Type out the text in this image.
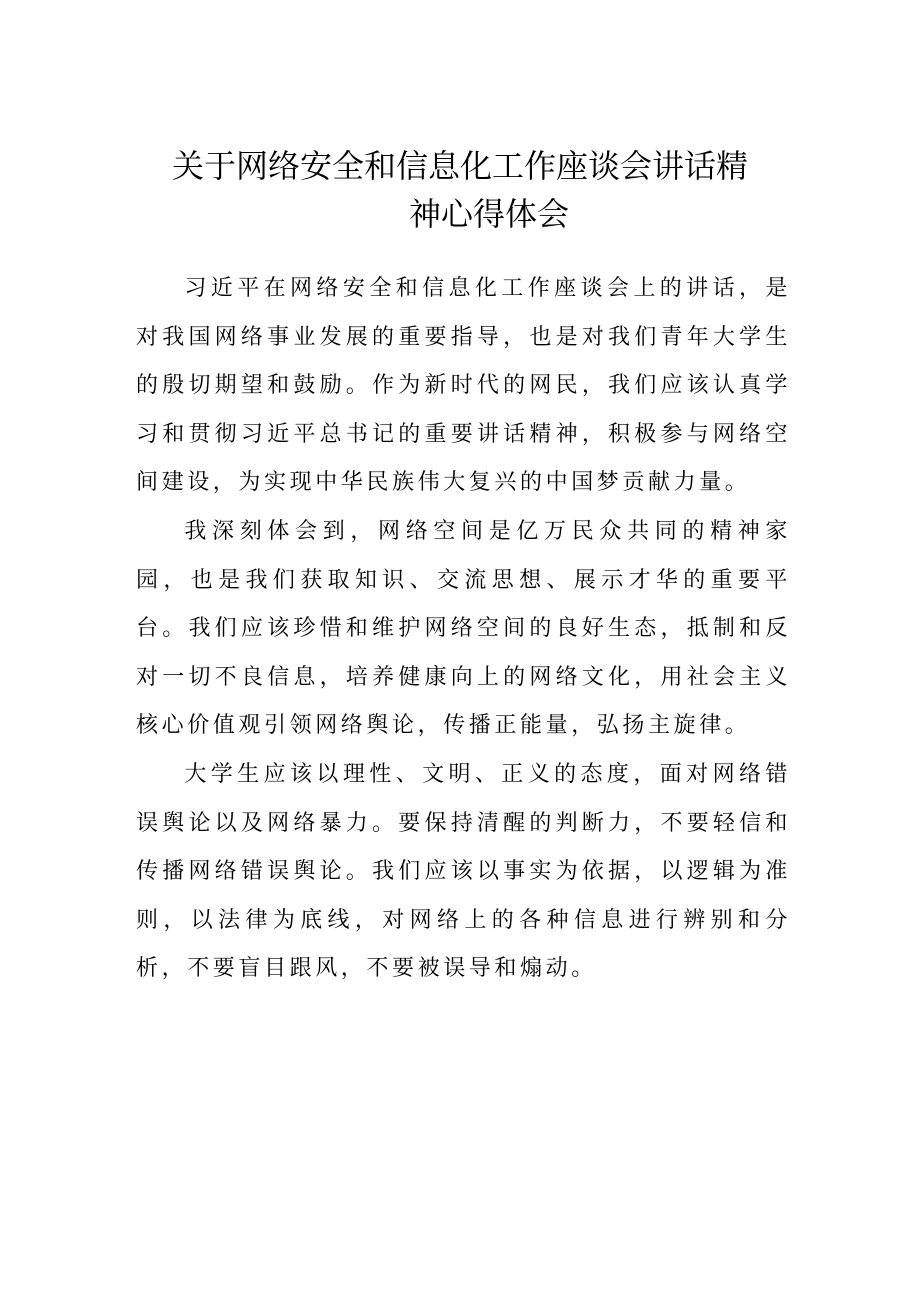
关于网络安全和信息化工作座谈会讲话精
神心得体会

习近平在网络安全和信息化工作座谈会上的讲话，是对我国网络事业发展的重要指导，也是对我们青年大学生的殷切期望和鼓励。作为新时代的网民，我们应该认真学习和贯彻习近平总书记的重要讲话精神，积极参与网络空间建设，为实现中华民族伟大复兴的中国梦贡献力量。

我深刻体会到，网络空间是亿万民众共同的精神家园，也是我们获取知识、交流思想、展示才华的重要平台。我们应该珍惜和维护网络空间的良好生态，抵制和反对一切不良信息，培养健康向上的网络文化，用社会主义核心价值观引领网络舆论，传播正能量，弘扬主旋律。

大学生应该以理性、文明、正义的态度，面对网络错误舆论以及网络暴力。要保持清醒的判断力，不要轻信和传播网络错误舆论。我们应该以事实为依据，以逻辑为准则，以法律为底线，对网络上的各种信息进行辨别和分析，不要盲目跟风，不要被误导和煽动。
